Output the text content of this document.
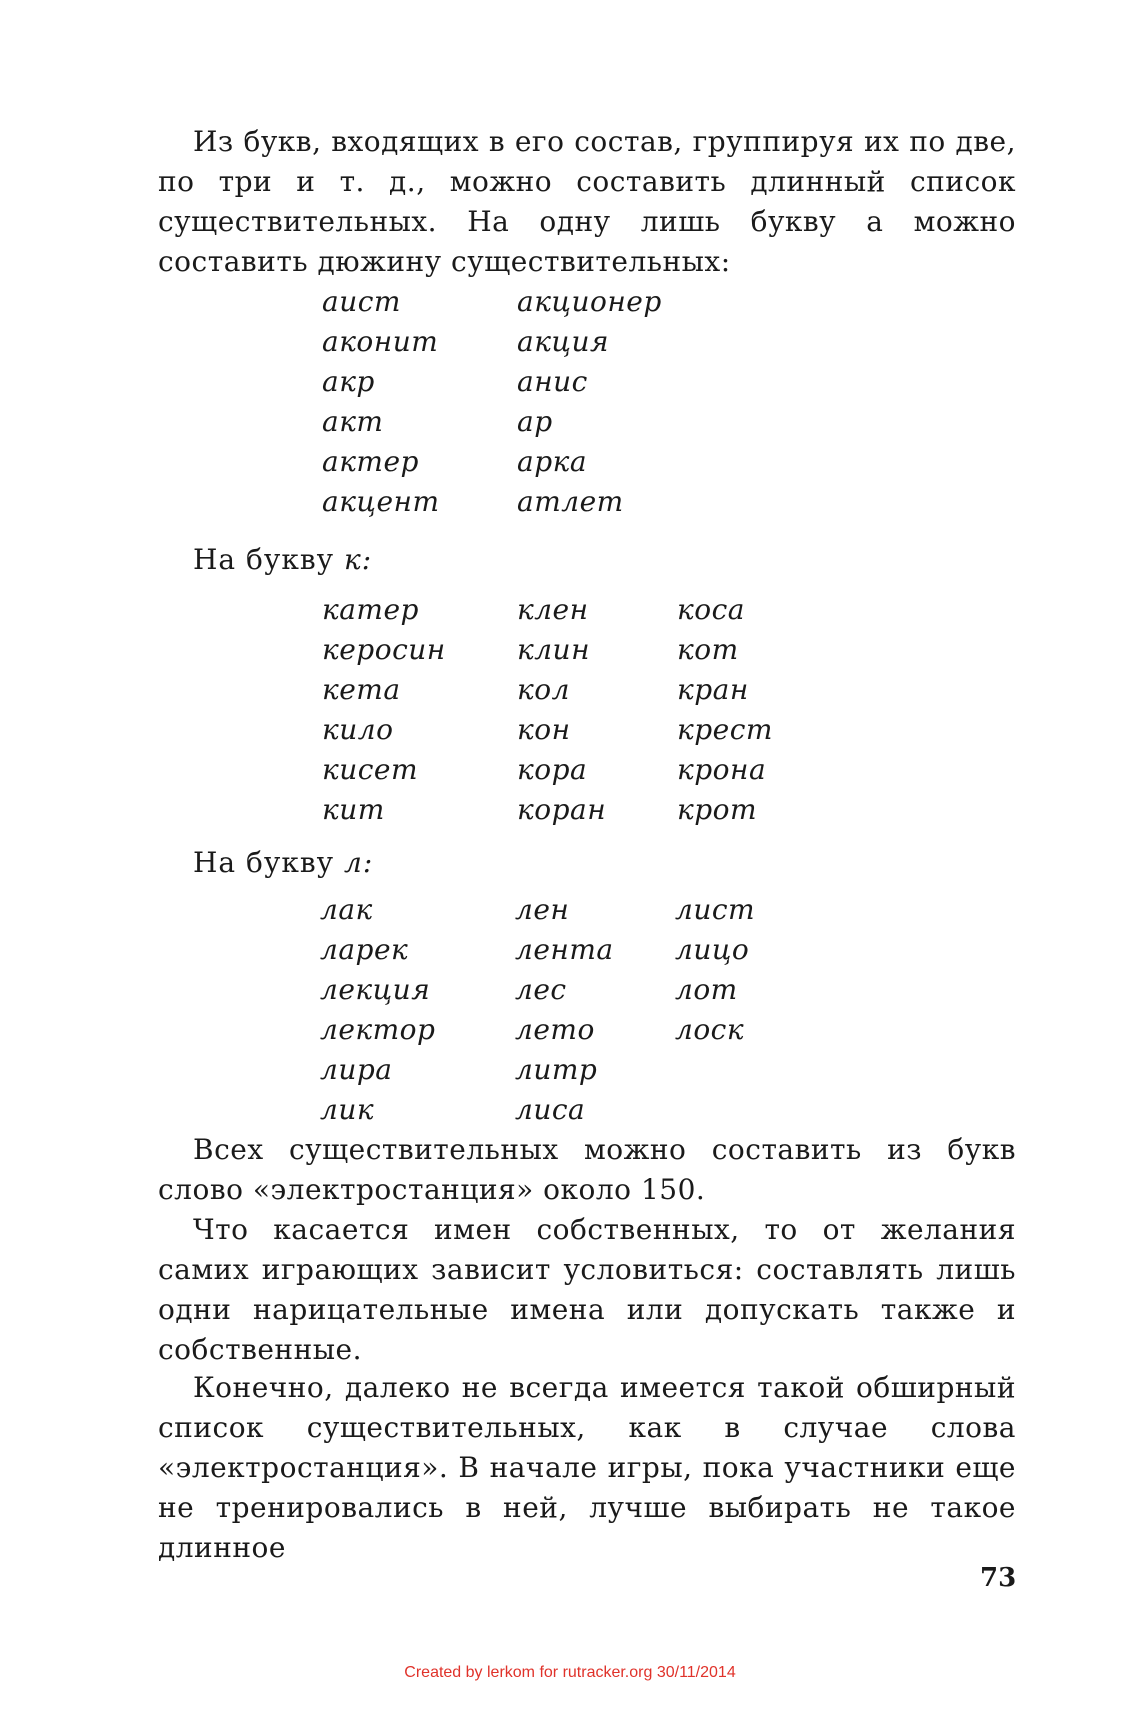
Из букв, входящих в его состав, группируя их по две, по три и т. д., можно составить длинный список существительных. На одну лишь букву а можно составить дюжину существительных:

аист
аконит
акр
акт
актер
акцент
акционер
акция
анис
ар
арка
атлет
На букву к:
катер
керосин
кета
кило
кисет
кит
клен
клин
кол
кон
кора
коран
коса
кот
кран
крест
крона
крот
На букву л:
лак
ларек
лекция
лектор
лира
лик
лен
лента
лес
лето
литр
лиса
лист
лицо
лот
лоск

Всех существительных можно составить из букв слово «электростанция» около 150.

Что касается имен собственных, то от желания самих играющих зависит условиться: составлять лишь одни нарицательные имена или допускать также и собственные.

Конечно, далеко не всегда имеется такой обширный список существительных, как в случае слова «электростанция». В начале игры, пока участники еще не тренировались в ней, лучше выбирать не такое длинное

73
Created by lerkom for rutracker.org 30/11/2014
